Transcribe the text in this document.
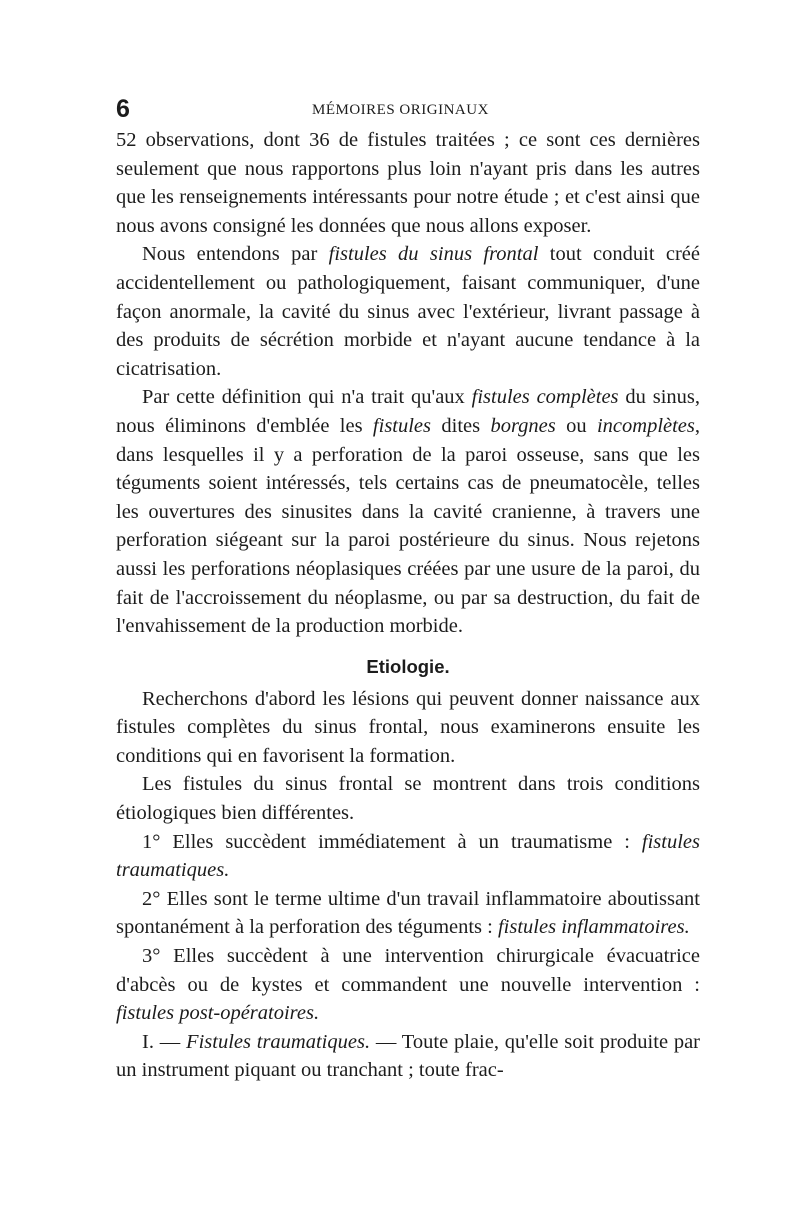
6	MÉMOIRES ORIGINAUX

52 observations, dont 36 de fistules traitées ; ce sont ces dernières seulement que nous rapportons plus loin n'ayant pris dans les autres que les renseignements intéressants pour notre étude ; et c'est ainsi que nous avons consigné les données que nous allons exposer.

Nous entendons par fistules du sinus frontal tout conduit créé accidentellement ou pathologiquement, faisant communiquer, d'une façon anormale, la cavité du sinus avec l'extérieur, livrant passage à des produits de sécrétion morbide et n'ayant aucune tendance à la cicatrisation.

Par cette définition qui n'a trait qu'aux fistules complètes du sinus, nous éliminons d'emblée les fistules dites borgnes ou incomplètes, dans lesquelles il y a perforation de la paroi osseuse, sans que les téguments soient intéressés, tels certains cas de pneumatocèle, telles les ouvertures des sinusites dans la cavité cranienne, à travers une perforation siégeant sur la paroi postérieure du sinus. Nous rejetons aussi les perforations néoplasiques créées par une usure de la paroi, du fait de l'accroissement du néoplasme, ou par sa destruction, du fait de l'envahissement de la production morbide.

Etiologie.

Recherchons d'abord les lésions qui peuvent donner naissance aux fistules complètes du sinus frontal, nous examinerons ensuite les conditions qui en favorisent la formation.

Les fistules du sinus frontal se montrent dans trois conditions étiologiques bien différentes.

1° Elles succèdent immédiatement à un traumatisme : fistules traumatiques.

2° Elles sont le terme ultime d'un travail inflammatoire aboutissant spontanément à la perforation des téguments : fistules inflammatoires.

3° Elles succèdent à une intervention chirurgicale évacuatrice d'abcès ou de kystes et commandent une nouvelle intervention : fistules post-opératoires.

I. — Fistules traumatiques. — Toute plaie, qu'elle soit produite par un instrument piquant ou tranchant ; toute frac-
